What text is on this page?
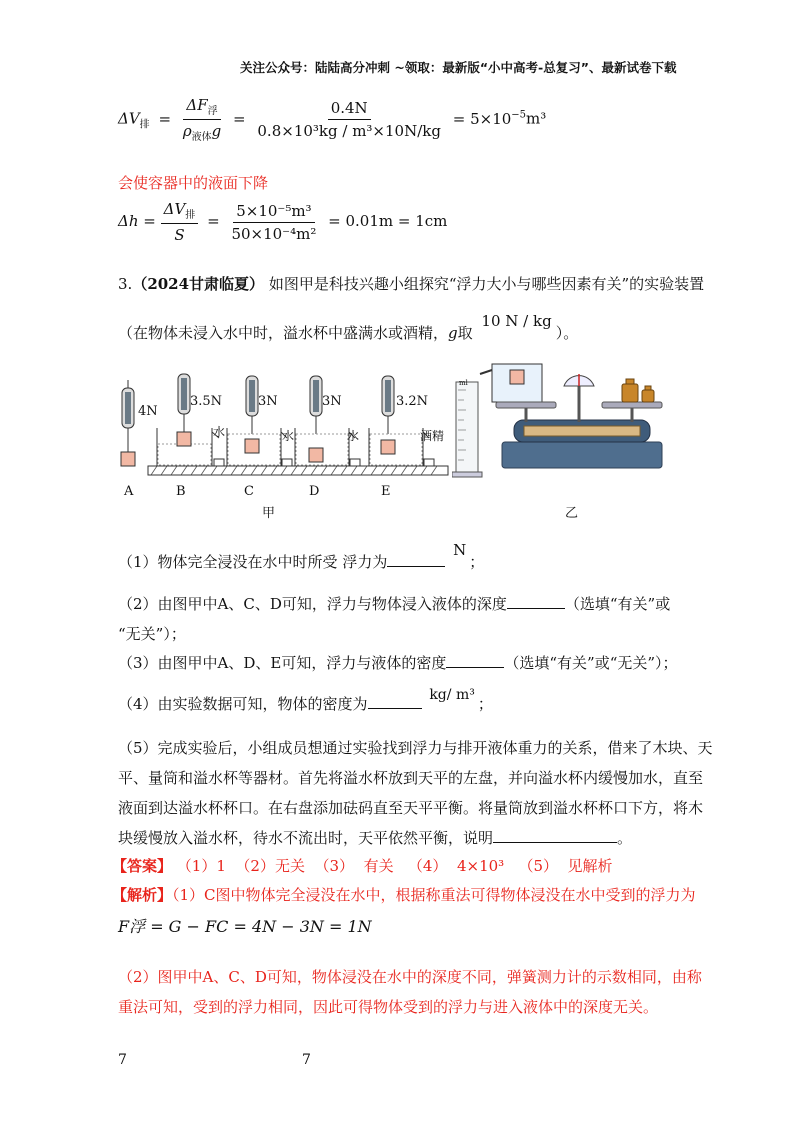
关注公众号：陆陆高分冲刺 ~领取：最新版“小中高考-总复习”、最新试卷下载
$\Delta V_排 = \frac{\Delta F_浮}{\rho_{液体}g} = \frac{0.4N}{\text{0.8×10³kg / m³×10N/kg}} = 5\times 10^{-5}m^3$
会使容器中的液面下降
$\Delta h = \frac{\Delta V_排}{S} = \frac{\text{5×10⁻⁵m³}}{\text{50×10⁻⁴m²}} = 0.01m = 1cm$
3.（2024甘肃临夏） 如图甲是科技兴趣小组探究“浮力大小与哪些因素有关”的实验装置
（在物体未浸入水中时，溢水杯中盛满水或酒精，g取 10 N / kg）。
4N
3.5N	3N	3N	3.2N
水	水	水	酒精
A	B	C	D	E
甲
ml
乙
（1）物体完全浸没在水中时所受 浮力为 N；
（2）由图甲中A、C、D可知，浮力与物体浸入液体的深度	（选填“有关”或
“无关”）；
（3）由图甲中A、D、E可知，浮力与液体的密度	（选填“有关”或“无关”）；
（4）由实验数据可知，物体的密度为	kg/ m³ ；
（5）完成实验后，小组成员想通过实验找到浮力与排开液体重力的关系，借来了木块、天
平、量筒和溢水杯等器材。首先将溢水杯放到天平的左盘，并向溢水杯内缓慢加水，直至
液面到达溢水杯杯口。在右盘添加砝码直至天平平衡。将量筒放到溢水杯杯口下方，将木
块缓慢放入溢水杯，待水不流出时，天平依然平衡，说明	。
【答案】 （1）1  （2）无关  （3）  有关   （4）  4×10³   （5）  见解析
【解析】（1）C图中物体完全浸没在水中，根据称重法可得物体浸没在水中受到的浮力为
F浮 = G − FC = 4N − 3N = 1N
（2）图甲中A、C、D可知，物体浸没在水中的深度不同，弹簧测力计的示数相同，由称
重法可知，受到的浮力相同，因此可得物体受到的浮力与进入液体中的深度无关。
7	7
